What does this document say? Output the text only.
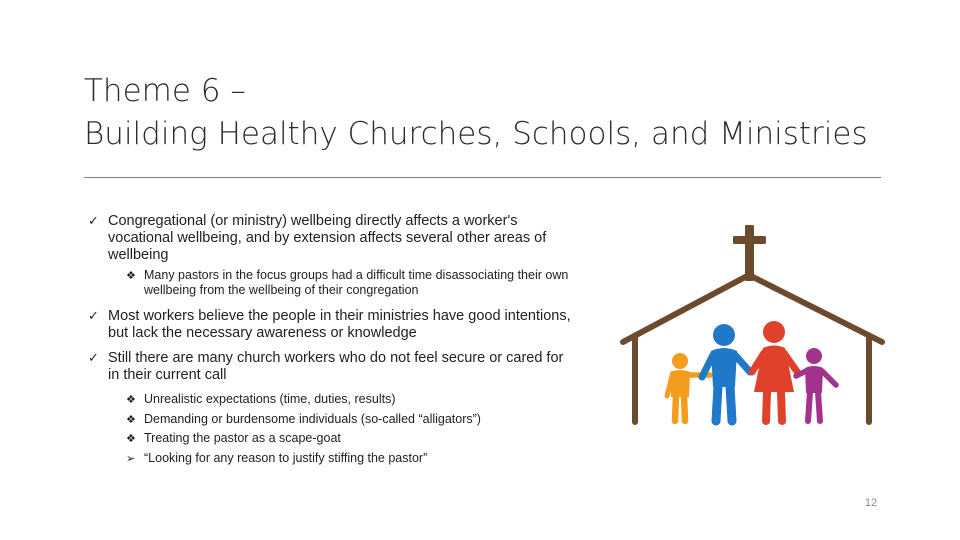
Theme 6 –
Building Healthy Churches, Schools, and Ministries
✓ Congregational (or ministry) wellbeing directly affects a worker's vocational wellbeing, and by extension affects several other areas of wellbeing
❖ Many pastors in the focus groups had a difficult time disassociating their own wellbeing from the wellbeing of their congregation
✓ Most workers believe the people in their ministries have good intentions, but lack the necessary awareness or knowledge
✓ Still there are many church workers who do not feel secure or cared for in their current call
❖ Unrealistic expectations (time, duties, results)
❖ Demanding or burdensome individuals (so-called “alligators”)
❖ Treating the pastor as a scape-goat
➢ “Looking for any reason to justify stiffing the pastor”
12
